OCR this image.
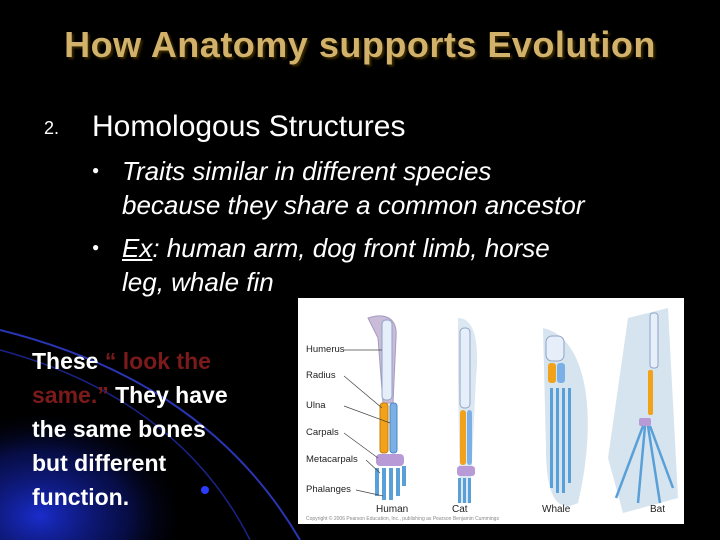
How Anatomy supports Evolution
2. Homologous Structures
● Traits similar in different species
because they share a common ancestor
● Ex: human arm, dog front limb, horse
leg, whale fin
These “ look the
same.” They have
the same bones
but different
function.
Humerus
Radius
Ulna
Carpals
Metacarpals
Phalanges
Human	Cat	Whale	Bat
Copyright © 2006 Pearson Education, Inc., publishing as Pearson Benjamin Cummings
